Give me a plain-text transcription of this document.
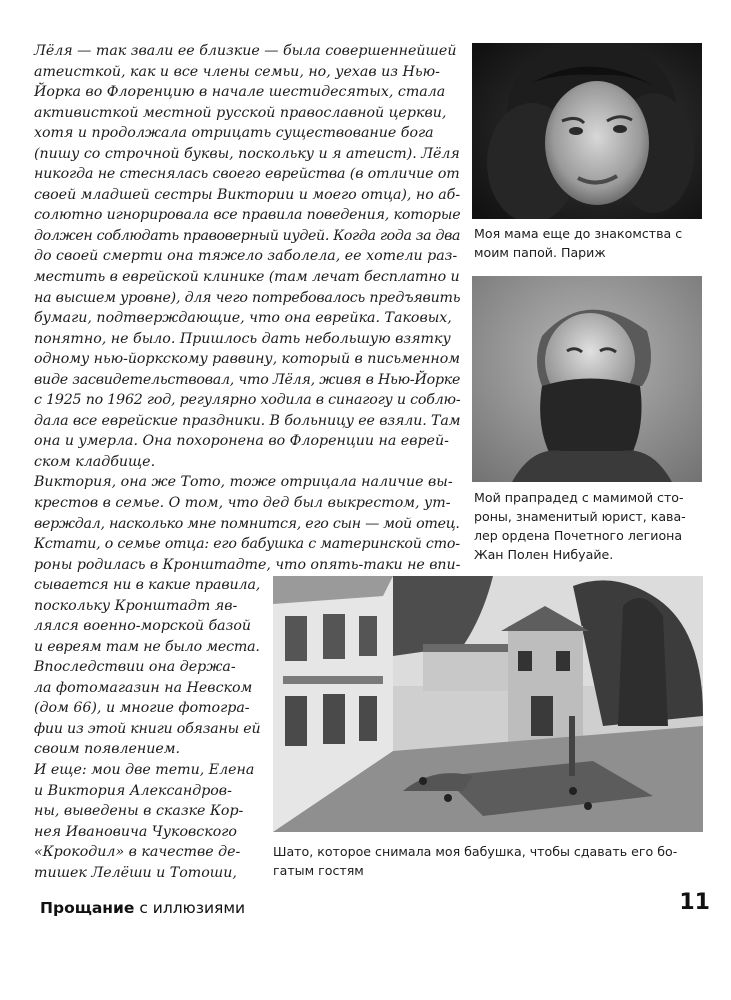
Лёля — так звали ее близкие — была совершеннейшей
атеисткой, как и все члены семьи, но, уехав из Нью-
Йорка во Флоренцию в начале шестидесятых, стала
активисткой местной русской православной церкви,
хотя и продолжала отрицать существование бога
(пишу со строчной буквы, поскольку и я атеист). Лёля
никогда не стеснялась своего еврейства (в отличие от
своей младшей сестры Виктории и моего отца), но аб-
солютно игнорировала все правила поведения, которые
должен соблюдать правоверный иудей. Когда года за два
до своей смерти она тяжело заболела, ее хотели раз-
местить в еврейской клинике (там лечат бесплатно и
на высшем уровне), для чего потребовалось предъявить
бумаги, подтверждающие, что она еврейка. Таковых,
понятно, не было. Пришлось дать небольшую взятку
одному нью-йоркскому раввину, который в письменном
виде засвидетельствовал, что Лёля, живя в Нью-Йорке
с 1925 по 1962 год, регулярно ходила в синагогу и соблю-
дала все еврейские праздники. В больницу ее взяли. Там
она и умерла. Она похоронена во Флоренции на еврей-
ском кладбище.
Виктория, она же Тото, тоже отрицала наличие вы-
крестов в семье. О том, что дед был выкрестом, ут-
верждал, насколько мне помнится, его сын — мой отец.
Кстати, о семье отца: его бабушка с материнской сто-
роны родилась в Кронштадте, что опять-таки не впи-
сывается ни в какие правила,
поскольку Кронштадт яв-
лялся военно-морской базой
и евреям там не было места.
Впоследствии она держа-
ла фотомагазин на Невском
(дом 66), и многие фотогра-
фии из этой книги обязаны ей
своим появлением.
И еще: мои две тети, Елена
и Виктория Александров-
ны, выведены в сказке Кор-
нея Ивановича Чуковского
«Крокодил» в качестве де-
тишек Лелёши и Тотоши,
Моя мама еще до знакомства с
моим папой. Париж
Мой прапрадед с мамимой сто-
роны, знаменитый юрист, кава-
лер ордена Почетного легиона
Жан Полен Нибуайе.
Шато, которое снимала моя бабушка, чтобы сдавать его бо-
гатым гостям
Прощание с иллюзиями	11
